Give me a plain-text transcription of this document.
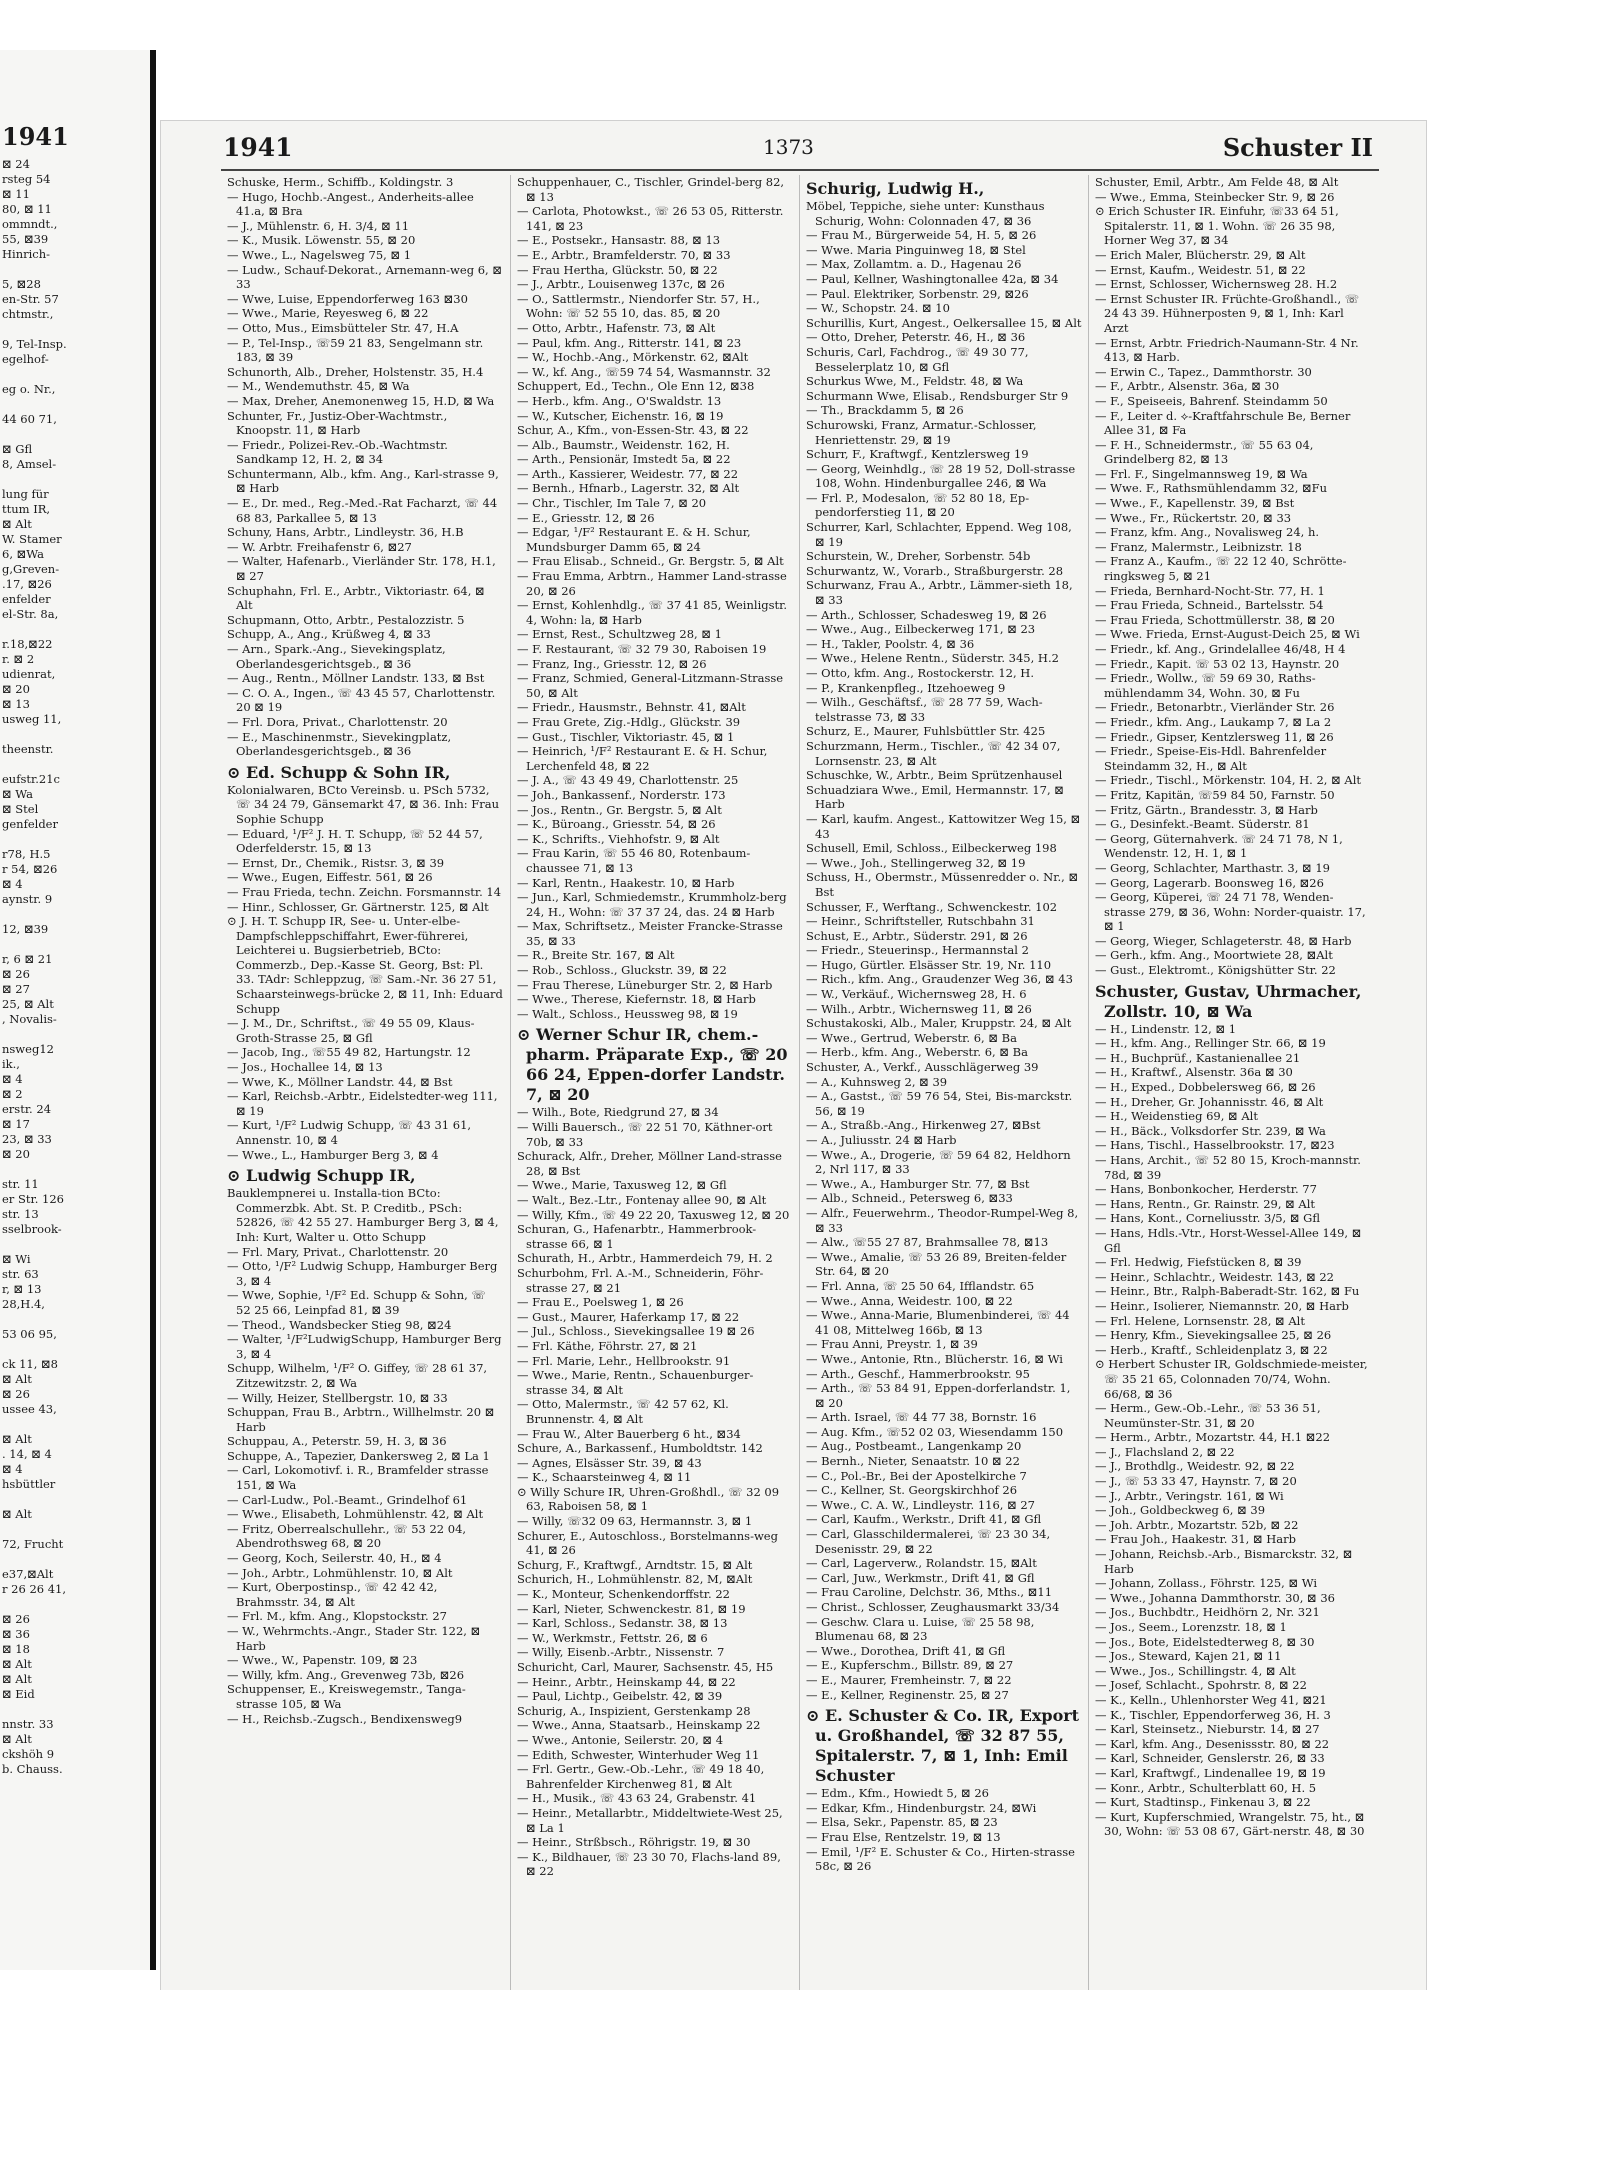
1941
⊠ 24
rsteg 54
⊠ 11
80, ⊠ 11
ommndt.,
55, ⊠39
Hinrich-

5, ⊠28
en-Str. 57
chtmstr.,

9, Tel-Insp.
egelhof-

eg o. Nr.,

44 60 71,

⊠ Gfl
8, Amsel-

lung für
ttum IR,
⊠ Alt
W. Stamer
6, ⊠Wa
g,Greven-
.17, ⊠26
enfelder
el-Str. 8a,

r.18,⊠22
r. ⊠ 2
udienrat,
⊠ 20
⊠ 13
usweg 11,

theenstr.

eufstr.21c
⊠ Wa
⊠ Stel
genfelder

r78, H.5
r 54, ⊠26
⊠ 4
aynstr. 9

12, ⊠39

r, 6 ⊠ 21
⊠ 26
⊠ 27
25, ⊠ Alt
, Novalis-

nsweg12
ik.,
⊠ 4
⊠ 2
erstr. 24
⊠ 17
23, ⊠ 33
⊠ 20

str. 11
er Str. 126
str. 13
sselbrook-

⊠ Wi
str. 63
r, ⊠ 13
28,H.4,

53 06 95,

ck 11, ⊠8
⊠ Alt
⊠ 26
ussee 43,

⊠ Alt
. 14, ⊠ 4
⊠ 4
hsbüttler

⊠ Alt

72, Frucht

e37,⊠Alt
r 26 26 41,

⊠ 26
⊠ 36
⊠ 18
⊠ Alt
⊠ Alt
⊠ Eid

nnstr. 33
⊠ Alt
ckshöh 9
b. Chauss.
1941	1373	Schuster II

Schuske, Herm., Schiffb., Koldingstr. 3

— Hugo, Hochb.-Angest., Anderheits-allee 41.a, ⊠ Bra

— J., Mühlenstr. 6, H. 3/4, ⊠ 11

— K., Musik. Löwenstr. 55, ⊠ 20

— Wwe., L., Nagelsweg 75, ⊠ 1

— Ludw., Schauf-Dekorat., Arnemann-weg 6, ⊠ 33

— Wwe, Luise, Eppendorferweg 163 ⊠30

— Wwe., Marie, Reyesweg 6, ⊠ 22

— Otto, Mus., Eimsbütteler Str. 47, H.A

— P., Tel-Insp., ☏59 21 83, Sengelmann str. 183, ⊠ 39

Schunorth, Alb., Dreher, Holstenstr. 35, H.4

— M., Wendemuthstr. 45, ⊠ Wa

— Max, Dreher, Anemonenweg 15, H.D, ⊠ Wa

Schunter, Fr., Justiz-Ober-Wachtmstr., Knoopstr. 11, ⊠ Harb

— Friedr., Polizei-Rev.-Ob.-Wachtmstr. Sandkamp 12, H. 2, ⊠ 34

Schuntermann, Alb., kfm. Ang., Karl-strasse 9, ⊠ Harb

— E., Dr. med., Reg.-Med.-Rat Facharzt, ☏ 44 68 83, Parkallee 5, ⊠ 13

Schuny, Hans, Arbtr., Lindleystr. 36, H.B

— W. Arbtr. Freihafenstr 6, ⊠27

— Walter, Hafenarb., Vierländer Str. 178, H.1, ⊠ 27

Schuphahn, Frl. E., Arbtr., Viktoriastr. 64, ⊠ Alt

Schupmann, Otto, Arbtr., Pestalozzistr. 5

Schupp, A., Ang., Krüßweg 4, ⊠ 33

— Arn., Spark.-Ang., Sievekingsplatz, Oberlandesgerichtsgeb., ⊠ 36

— Aug., Rentn., Möllner Landstr. 133, ⊠ Bst

— C. O. A., Ingen., ☏ 43 45 57, Charlottenstr. 20 ⊠ 19

— Frl. Dora, Privat., Charlottenstr. 20

— E., Maschinenmstr., Sievekingplatz, Oberlandesgerichtsgeb., ⊠ 36

⊙ Ed. Schupp & Sohn IR,

Kolonialwaren, BCto Vereinsb. u. PSch 5732, ☏ 34 24 79, Gänsemarkt 47, ⊠ 36. Inh: Frau Sophie Schupp

— Eduard, ¹/F² J. H. T. Schupp, ☏ 52 44 57, Oderfelderstr. 15, ⊠ 13

— Ernst, Dr., Chemik., Ristsr. 3, ⊠ 39

— Wwe., Eugen, Eiffestr. 561, ⊠ 26

— Frau Frieda, techn. Zeichn. Forsmannstr. 14

— Hinr., Schlosser, Gr. Gärtnerstr. 125, ⊠ Alt

⊙ J. H. T. Schupp IR, See- u. Unter-elbe-Dampfschleppschiffahrt, Ewer-führerei, Leichterei u. Bugsierbetrieb, BCto: Commerzb., Dep.-Kasse St. Georg, Bst: Pl. 33. TAdr: Schleppzug, ☏ Sam.-Nr. 36 27 51, Schaarsteinwegs-brücke 2, ⊠ 11, Inh: Eduard Schupp

— J. M., Dr., Schriftst., ☏ 49 55 09, Klaus-Groth-Strasse 25, ⊠ Gfl

— Jacob, Ing., ☏55 49 82, Hartungstr. 12

— Jos., Hochallee 14, ⊠ 13

— Wwe, K., Möllner Landstr. 44, ⊠ Bst

— Karl, Reichsb.-Arbtr., Eidelstedter-weg 111, ⊠ 19

— Kurt, ¹/F² Ludwig Schupp, ☏ 43 31 61, Annenstr. 10, ⊠ 4

— Wwe., L., Hamburger Berg 3, ⊠ 4

⊙ Ludwig Schupp IR,

Bauklempnerei u. Installa-tion BCto: Commerzbk. Abt. St. P. Creditb., PSch: 52826, ☏ 42 55 27. Hamburger Berg 3, ⊠ 4, Inh: Kurt, Walter u. Otto Schupp

— Frl. Mary, Privat., Charlottenstr. 20

— Otto, ¹/F² Ludwig Schupp, Hamburger Berg 3, ⊠ 4

— Wwe, Sophie, ¹/F² Ed. Schupp & Sohn, ☏ 52 25 66, Leinpfad 81, ⊠ 39

— Theod., Wandsbecker Stieg 98, ⊠24

— Walter, ¹/F²LudwigSchupp, Hamburger Berg 3, ⊠ 4

Schupp, Wilhelm, ¹/F² O. Giffey, ☏ 28 61 37, Zitzewitzstr. 2, ⊠ Wa

— Willy, Heizer, Stellbergstr. 10, ⊠ 33

Schuppan, Frau B., Arbtrn., Willhelmstr. 20 ⊠ Harb

Schuppau, A., Peterstr. 59, H. 3, ⊠ 36

Schuppe, A., Tapezier, Dankersweg 2, ⊠ La 1

— Carl, Lokomotivf. i. R., Bramfelder strasse 151, ⊠ Wa

— Carl-Ludw., Pol.-Beamt., Grindelhof 61

— Wwe., Elisabeth, Lohmühlenstr. 42, ⊠ Alt

— Fritz, Oberrealschullehr., ☏ 53 22 04, Abendrothsweg 68, ⊠ 20

— Georg, Koch, Seilerstr. 40, H., ⊠ 4

— Joh., Arbtr., Lohmühlenstr. 10, ⊠ Alt

— Kurt, Oberpostinsp., ☏ 42 42 42, Brahmsstr. 34, ⊠ Alt

— Frl. M., kfm. Ang., Klopstockstr. 27

— W., Wehrmchts.-Angr., Stader Str. 122, ⊠ Harb

— Wwe., W., Papenstr. 109, ⊠ 23

— Willy, kfm. Ang., Grevenweg 73b, ⊠26

Schuppenser, E., Kreiswegemstr., Tanga-strasse 105, ⊠ Wa

— H., Reichsb.-Zugsch., Bendixensweg9

Schuppenhauer, C., Tischler, Grindel-berg 82, ⊠ 13

— Carlota, Photowkst., ☏ 26 53 05, Ritterstr. 141, ⊠ 23

— E., Postsekr., Hansastr. 88, ⊠ 13

— E., Arbtr., Bramfelderstr. 70, ⊠ 33

— Frau Hertha, Glückstr. 50, ⊠ 22

— J., Arbtr., Louisenweg 137c, ⊠ 26

— O., Sattlermstr., Niendorfer Str. 57, H., Wohn: ☏ 52 55 10, das. 85, ⊠ 20

— Otto, Arbtr., Hafenstr. 73, ⊠ Alt

— Paul, kfm. Ang., Ritterstr. 141, ⊠ 23

— W., Hochb.-Ang., Mörkenstr. 62, ⊠Alt

— W., kf. Ang., ☏59 74 54, Wasmannstr. 32

Schuppert, Ed., Techn., Ole Enn 12, ⊠38

— Herb., kfm. Ang., O'Swaldstr. 13

— W., Kutscher, Eichenstr. 16, ⊠ 19

Schur, A., Kfm., von-Essen-Str. 43, ⊠ 22

— Alb., Baumstr., Weidenstr. 162, H.

— Arth., Pensionär, Imstedt 5a, ⊠ 22

— Arth., Kassierer, Weidestr. 77, ⊠ 22

— Bernh., Hfnarb., Lagerstr. 32, ⊠ Alt

— Chr., Tischler, Im Tale 7, ⊠ 20

— E., Griesstr. 12, ⊠ 26

— Edgar, ¹/F² Restaurant E. & H. Schur, Mundsburger Damm 65, ⊠ 24

— Frau Elisab., Schneid., Gr. Bergstr. 5, ⊠ Alt

— Frau Emma, Arbtrn., Hammer Land-strasse 20, ⊠ 26

— Ernst, Kohlenhdlg., ☏ 37 41 85, Weinligstr. 4, Wohn: la, ⊠ Harb

— Ernst, Rest., Schultzweg 28, ⊠ 1

— F. Restaurant, ☏ 32 79 30, Raboisen 19

— Franz, Ing., Griesstr. 12, ⊠ 26

— Franz, Schmied, General-Litzmann-Strasse 50, ⊠ Alt

— Friedr., Hausmstr., Behnstr. 41, ⊠Alt

— Frau Grete, Zig.-Hdlg., Glückstr. 39

— Gust., Tischler, Viktoriastr. 45, ⊠ 1

— Heinrich, ¹/F² Restaurant E. & H. Schur, Lerchenfeld 48, ⊠ 22

— J. A., ☏ 43 49 49, Charlottenstr. 25

— Joh., Bankassenf., Norderstr. 173

— Jos., Rentn., Gr. Bergstr. 5, ⊠ Alt

— K., Büroang., Griesstr. 54, ⊠ 26

— K., Schrifts., Viehhofstr. 9, ⊠ Alt

— Frau Karin, ☏ 55 46 80, Rotenbaum-chaussee 71, ⊠ 13

— Karl, Rentn., Haakestr. 10, ⊠ Harb

— Jun., Karl, Schmiedemstr., Krummholz-berg 24, H., Wohn: ☏ 37 37 24, das. 24 ⊠ Harb

— Max, Schriftsetz., Meister Francke-Strasse 35, ⊠ 33

— R., Breite Str. 167, ⊠ Alt

— Rob., Schloss., Gluckstr. 39, ⊠ 22

— Frau Therese, Lüneburger Str. 2, ⊠ Harb

— Wwe., Therese, Kiefernstr. 18, ⊠ Harb

— Walt., Schloss., Heussweg 98, ⊠ 19

⊙ Werner Schur IR, chem.-pharm. Präparate Exp., ☏ 20 66 24, Eppen-dorfer Landstr. 7, ⊠ 20

— Wilh., Bote, Riedgrund 27, ⊠ 34

— Willi Bauersch., ☏ 22 51 70, Käthner-ort 70b, ⊠ 33

Schurack, Alfr., Dreher, Möllner Land-strasse 28, ⊠ Bst

— Wwe., Marie, Taxusweg 12, ⊠ Gfl

— Walt., Bez.-Ltr., Fontenay allee 90, ⊠ Alt

— Willy, Kfm., ☏ 49 22 20, Taxusweg 12, ⊠ 20

Schuran, G., Hafenarbtr., Hammerbrook-strasse 66, ⊠ 1

Schurath, H., Arbtr., Hammerdeich 79, H. 2

Schurbohm, Frl. A.-M., Schneiderin, Föhr-strasse 27, ⊠ 21

— Frau E., Poelsweg 1, ⊠ 26

— Gust., Maurer, Haferkamp 17, ⊠ 22

— Jul., Schloss., Sievekingsallee 19 ⊠ 26

— Frl. Käthe, Föhrstr. 27, ⊠ 21

— Frl. Marie, Lehr., Hellbrookstr. 91

— Wwe., Marie, Rentn., Schauenburger-strasse 34, ⊠ Alt

— Otto, Malermstr., ☏ 42 57 62, Kl. Brunnenstr. 4, ⊠ Alt

— Frau W., Alter Bauerberg 6 ht., ⊠34

Schure, A., Barkassenf., Humboldtstr. 142

— Agnes, Elsässer Str. 39, ⊠ 43

— K., Schaarsteinweg 4, ⊠ 11

⊙ Willy Schure IR, Uhren-Großhdl., ☏ 32 09 63, Raboisen 58, ⊠ 1

— Willy, ☏32 09 63, Hermannstr. 3, ⊠ 1

Schurer, E., Autoschloss., Borstelmanns-weg 41, ⊠ 26

Schurg, F., Kraftwgf., Arndtstr. 15, ⊠ Alt

Schurich, H., Lohmühlenstr. 82, M, ⊠Alt

— K., Monteur, Schenkendorffstr. 22

— Karl, Nieter, Schwenckestr. 81, ⊠ 19

— Karl, Schloss., Sedanstr. 38, ⊠ 13

— W., Werkmstr., Fettstr. 26, ⊠ 6

— Willy, Eisenb.-Arbtr., Nissenstr. 7

Schuricht, Carl, Maurer, Sachsenstr. 45, H5

— Heinr., Arbtr., Heinskamp 44, ⊠ 22

— Paul, Lichtp., Geibelstr. 42, ⊠ 39

Schurig, A., Inspizient, Gerstenkamp 28

— Wwe., Anna, Staatsarb., Heinskamp 22

— Wwe., Antonie, Seilerstr. 20, ⊠ 4

— Edith, Schwester, Winterhuder Weg 11

— Frl. Gertr., Gew.-Ob.-Lehr., ☏ 49 18 40, Bahrenfelder Kirchenweg 81, ⊠ Alt

— H., Musik., ☏ 43 63 24, Grabenstr. 41

— Heinr., Metallarbtr., Middeltwiete-West 25, ⊠ La 1

— Heinr., Strßbsch., Röhrigstr. 19, ⊠ 30

— K., Bildhauer, ☏ 23 30 70, Flachs-land 89, ⊠ 22

Schurig, Ludwig H.,

Möbel, Teppiche, siehe unter: Kunsthaus Schurig, Wohn: Colonnaden 47, ⊠ 36

— Frau M., Bürgerweide 54, H. 5, ⊠ 26

— Wwe. Maria Pinguinweg 18, ⊠ Stel

— Max, Zollamtm. a. D., Hagenau 26

— Paul, Kellner, Washingtonallee 42a, ⊠ 34

— Paul. Elektriker, Sorbenstr. 29, ⊠26

— W., Schopstr. 24. ⊠ 10

Schurillis, Kurt, Angest., Oelkersallee 15, ⊠ Alt

— Otto, Dreher, Peterstr. 46, H., ⊠ 36

Schuris, Carl, Fachdrog., ☏ 49 30 77, Besselerplatz 10, ⊠ Gfl

Schurkus Wwe, M., Feldstr. 48, ⊠ Wa

Schurmann Wwe, Elisab., Rendsburger Str 9

— Th., Brackdamm 5, ⊠ 26

Schurowski, Franz, Armatur.-Schlosser, Henriettenstr. 29, ⊠ 19

Schurr, F., Kraftwgf., Kentzlersweg 19

— Georg, Weinhdlg., ☏ 28 19 52, Doll-strasse 108, Wohn. Hindenburgallee 246, ⊠ Wa

— Frl. P., Modesalon, ☏ 52 80 18, Ep-pendorferstieg 11, ⊠ 20

Schurrer, Karl, Schlachter, Eppend. Weg 108, ⊠ 19

Schurstein, W., Dreher, Sorbenstr. 54b

Schurwantz, W., Vorarb., Straßburgerstr. 28

Schurwanz, Frau A., Arbtr., Lämmer-sieth 18, ⊠ 33

— Arth., Schlosser, Schadesweg 19, ⊠ 26

— Wwe., Aug., Eilbeckerweg 171, ⊠ 23

— H., Takler, Poolstr. 4, ⊠ 36

— Wwe., Helene Rentn., Süderstr. 345, H.2

— Otto, kfm. Ang., Rostockerstr. 12, H.

— P., Krankenpfleg., Itzehoeweg 9

— Wilh., Geschäftsf., ☏ 28 77 59, Wach-telstrasse 73, ⊠ 33

Schurz, E., Maurer, Fuhlsbüttler Str. 425

Schurzmann, Herm., Tischler., ☏ 42 34 07, Lornsenstr. 23, ⊠ Alt

Schuschke, W., Arbtr., Beim Sprützenhausel

Schuadziara Wwe., Emil, Hermannstr. 17, ⊠ Harb

— Karl, kaufm. Angest., Kattowitzer Weg 15, ⊠ 43

Schusell, Emil, Schloss., Eilbeckerweg 198

— Wwe., Joh., Stellingerweg 32, ⊠ 19

Schuss, H., Obermstr., Müssenredder o. Nr., ⊠ Bst

Schusser, F., Werftang., Schwenckestr. 102

— Heinr., Schriftsteller, Rutschbahn 31

Schust, E., Arbtr., Süderstr. 291, ⊠ 26

— Friedr., Steuerinsp., Hermannstal 2

— Hugo, Gürtler. Elsässer Str. 19, Nr. 110

— Rich., kfm. Ang., Graudenzer Weg 36, ⊠ 43

— W., Verkäuf., Wichernsweg 28, H. 6

— Wilh., Arbtr., Wichernsweg 11, ⊠ 26

Schustakoski, Alb., Maler, Kruppstr. 24, ⊠ Alt

— Wwe., Gertrud, Weberstr. 6, ⊠ Ba

— Herb., kfm. Ang., Weberstr. 6, ⊠ Ba

Schuster, A., Verkf., Ausschlägerweg 39

— A., Kuhnsweg 2, ⊠ 39

— A., Gastst., ☏ 59 76 54, Stei, Bis-marckstr. 56, ⊠ 19

— A., Straßb.-Ang., Hirkenweg 27, ⊠Bst

— A., Juliusstr. 24 ⊠ Harb

— Wwe., A., Drogerie, ☏ 59 64 82, Heldhorn 2, Nrl 117, ⊠ 33

— Wwe., A., Hamburger Str. 77, ⊠ Bst

— Alb., Schneid., Petersweg 6, ⊠33

— Alfr., Feuerwehrm., Theodor-Rumpel-Weg 8, ⊠ 33

— Alw., ☏55 27 87, Brahmsallee 78, ⊠13

— Wwe., Amalie, ☏ 53 26 89, Breiten-felder Str. 64, ⊠ 20

— Frl. Anna, ☏ 25 50 64, Ifflandstr. 65

— Wwe., Anna, Weidestr. 100, ⊠ 22

— Wwe., Anna-Marie, Blumenbinderei, ☏ 44 41 08, Mittelweg 166b, ⊠ 13

— Frau Anni, Preystr. 1, ⊠ 39

— Wwe., Antonie, Rtn., Blücherstr. 16, ⊠ Wi

— Arth., Geschf., Hammerbrookstr. 95

— Arth., ☏ 53 84 91, Eppen-dorferlandstr. 1, ⊠ 20

— Arth. Israel, ☏ 44 77 38, Bornstr. 16

— Aug. Kfm., ☏52 02 03, Wiesendamm 150

— Aug., Postbeamt., Langenkamp 20

— Bernh., Nieter, Senaatstr. 10 ⊠ 22

— C., Pol.-Br., Bei der Apostelkirche 7

— C., Kellner, St. Georgskirchhof 26

— Wwe., C. A. W., Lindleystr. 116, ⊠ 27

— Carl, Kaufm., Werkstr., Drift 41, ⊠ Gfl

— Carl, Glasschildermalerei, ☏ 23 30 34, Desenisstr. 29, ⊠ 22

— Carl, Lagerverw., Rolandstr. 15, ⊠Alt

— Carl, Juw., Werkmstr., Drift 41, ⊠ Gfl

— Frau Caroline, Delchstr. 36, Mths., ⊠11

— Christ., Schlosser, Zeughausmarkt 33/34

— Geschw. Clara u. Luise, ☏ 25 58 98, Blumenau 68, ⊠ 23

— Wwe., Dorothea, Drift 41, ⊠ Gfl

— E., Kupferschm., Billstr. 89, ⊠ 27

— E., Maurer, Fremheinstr. 7, ⊠ 22

— E., Kellner, Reginenstr. 25, ⊠ 27

⊙ E. Schuster & Co. IR, Export u. Großhandel, ☏ 32 87 55, Spitalerstr. 7, ⊠ 1, Inh: Emil Schuster

— Edm., Kfm., Howiedt 5, ⊠ 26

— Edkar, Kfm., Hindenburgstr. 24, ⊠Wi

— Elsa, Sekr., Papenstr. 85, ⊠ 23

— Frau Else, Rentzelstr. 19, ⊠ 13

— Emil, ¹/F² E. Schuster & Co., Hirten-strasse 58c, ⊠ 26

Schuster, Emil, Arbtr., Am Felde 48, ⊠ Alt

— Wwe., Emma, Steinbecker Str. 9, ⊠ 26

⊙ Erich Schuster IR. Einfuhr, ☏33 64 51, Spitalerstr. 11, ⊠ 1. Wohn. ☏ 26 35 98, Horner Weg 37, ⊠ 34

— Erich Maler, Blücherstr. 29, ⊠ Alt

— Ernst, Kaufm., Weidestr. 51, ⊠ 22

— Ernst, Schlosser, Wichernsweg 28. H.2

— Ernst Schuster IR. Früchte-Großhandl., ☏ 24 43 39. Hühnerposten 9, ⊠ 1, Inh: Karl Arzt

— Ernst, Arbtr. Friedrich-Naumann-Str. 4 Nr. 413, ⊠ Harb.

— Erwin C., Tapez., Dammthorstr. 30

— F., Arbtr., Alsenstr. 36a, ⊠ 30

— F., Speiseeis, Bahrenf. Steindamm 50

— F., Leiter d. ⟡-Kraftfahrschule Be, Berner Allee 31, ⊠ Fa

— F. H., Schneidermstr., ☏ 55 63 04, Grindelberg 82, ⊠ 13

— Frl. F., Singelmannsweg 19, ⊠ Wa

— Wwe. F., Rathsmühlendamm 32, ⊠Fu

— Wwe., F., Kapellenstr. 39, ⊠ Bst

— Wwe., Fr., Rückertstr. 20, ⊠ 33

— Franz, kfm. Ang., Novalisweg 24, h.

— Franz, Malermstr., Leibnizstr. 18

— Franz A., Kaufm., ☏ 22 12 40, Schrötte-ringksweg 5, ⊠ 21

— Frieda, Bernhard-Nocht-Str. 77, H. 1

— Frau Frieda, Schneid., Bartelsstr. 54

— Frau Frieda, Schottmüllerstr. 38, ⊠ 20

— Wwe. Frieda, Ernst-August-Deich 25, ⊠ Wi

— Friedr., kf. Ang., Grindelallee 46/48, H 4

— Friedr., Kapit. ☏ 53 02 13, Haynstr. 20

— Friedr., Wollw., ☏ 59 69 30, Raths-mühlendamm 34, Wohn. 30, ⊠ Fu

— Friedr., Betonarbtr., Vierländer Str. 26

— Friedr., kfm. Ang., Laukamp 7, ⊠ La 2

— Friedr., Gipser, Kentzlersweg 11, ⊠ 26

— Friedr., Speise-Eis-Hdl. Bahrenfelder Steindamm 32, H., ⊠ Alt

— Friedr., Tischl., Mörkenstr. 104, H. 2, ⊠ Alt

— Fritz, Kapitän, ☏59 84 50, Farnstr. 50

— Fritz, Gärtn., Brandesstr. 3, ⊠ Harb

— G., Desinfekt.-Beamt. Süderstr. 81

— Georg, Güternahverk. ☏ 24 71 78, N 1, Wendenstr. 12, H. 1, ⊠ 1

— Georg, Schlachter, Marthastr. 3, ⊠ 19

— Georg, Lagerarb. Boonsweg 16, ⊠26

— Georg, Küperei, ☏ 24 71 78, Wenden-strasse 279, ⊠ 36, Wohn: Norder-quaistr. 17, ⊠ 1

— Georg, Wieger, Schlageterstr. 48, ⊠ Harb

— Gerh., kfm. Ang., Moortwiete 28, ⊠Alt

— Gust., Elektromt., Königshütter Str. 22

Schuster, Gustav, Uhrmacher, Zollstr. 10, ⊠ Wa

— H., Lindenstr. 12, ⊠ 1

— H., kfm. Ang., Rellinger Str. 66, ⊠ 19

— H., Buchprüf., Kastanienallee 21

— H., Kraftwf., Alsenstr. 36a ⊠ 30

— H., Exped., Dobbelersweg 66, ⊠ 26

— H., Dreher, Gr. Johannisstr. 46, ⊠ Alt

— H., Weidenstieg 69, ⊠ Alt

— H., Bäck., Volksdorfer Str. 239, ⊠ Wa

— Hans, Tischl., Hasselbrookstr. 17, ⊠23

— Hans, Archit., ☏ 52 80 15, Kroch-mannstr. 78d, ⊠ 39

— Hans, Bonbonkocher, Herderstr. 77

— Hans, Rentn., Gr. Rainstr. 29, ⊠ Alt

— Hans, Kont., Corneliusstr. 3/5, ⊠ Gfl

— Hans, Hdls.-Vtr., Horst-Wessel-Allee 149, ⊠ Gfl

— Frl. Hedwig, Fiefstücken 8, ⊠ 39

— Heinr., Schlachtr., Weidestr. 143, ⊠ 22

— Heinr., Btr., Ralph-Baberadt-Str. 162, ⊠ Fu

— Heinr., Isolierer, Niemannstr. 20, ⊠ Harb

— Frl. Helene, Lornsenstr. 28, ⊠ Alt

— Henry, Kfm., Sievekingsallee 25, ⊠ 26

— Herb., Kraftf., Schleidenplatz 3, ⊠ 22

⊙ Herbert Schuster IR, Goldschmiede-meister, ☏ 35 21 65, Colonnaden 70/74, Wohn. 66/68, ⊠ 36

— Herm., Gew.-Ob.-Lehr., ☏ 53 36 51, Neumünster-Str. 31, ⊠ 20

— Herm., Arbtr., Mozartstr. 44, H.1 ⊠22

— J., Flachsland 2, ⊠ 22

— J., Brothdlg., Weidestr. 92, ⊠ 22

— J., ☏ 53 33 47, Haynstr. 7, ⊠ 20

— J., Arbtr., Veringstr. 161, ⊠ Wi

— Joh., Goldbeckweg 6, ⊠ 39

— Joh. Arbtr., Mozartstr. 52b, ⊠ 22

— Frau Joh., Haakestr. 31, ⊠ Harb

— Johann, Reichsb.-Arb., Bismarckstr. 32, ⊠ Harb

— Johann, Zollass., Föhrstr. 125, ⊠ Wi

— Wwe., Johanna Dammthorstr. 30, ⊠ 36

— Jos., Buchbdtr., Heidhörn 2, Nr. 321

— Jos., Seem., Lorenzstr. 18, ⊠ 1

— Jos., Bote, Eidelstedterweg 8, ⊠ 30

— Jos., Steward, Kajen 21, ⊠ 11

— Wwe., Jos., Schillingstr. 4, ⊠ Alt

— Josef, Schlacht., Spohrstr. 8, ⊠ 22

— K., Kelln., Uhlenhorster Weg 41, ⊠21

— K., Tischler, Eppendorferweg 36, H. 3

— Karl, Steinsetz., Nieburstr. 14, ⊠ 27

— Karl, kfm. Ang., Desenissstr. 80, ⊠ 22

— Karl, Schneider, Genslerstr. 26, ⊠ 33

— Karl, Kraftwgf., Lindenallee 19, ⊠ 19

— Konr., Arbtr., Schulterblatt 60, H. 5

— Kurt, Stadtinsp., Finkenau 3, ⊠ 22

— Kurt, Kupferschmied, Wrangelstr. 75, ht., ⊠ 30, Wohn: ☏ 53 08 67, Gärt-nerstr. 48, ⊠ 30
